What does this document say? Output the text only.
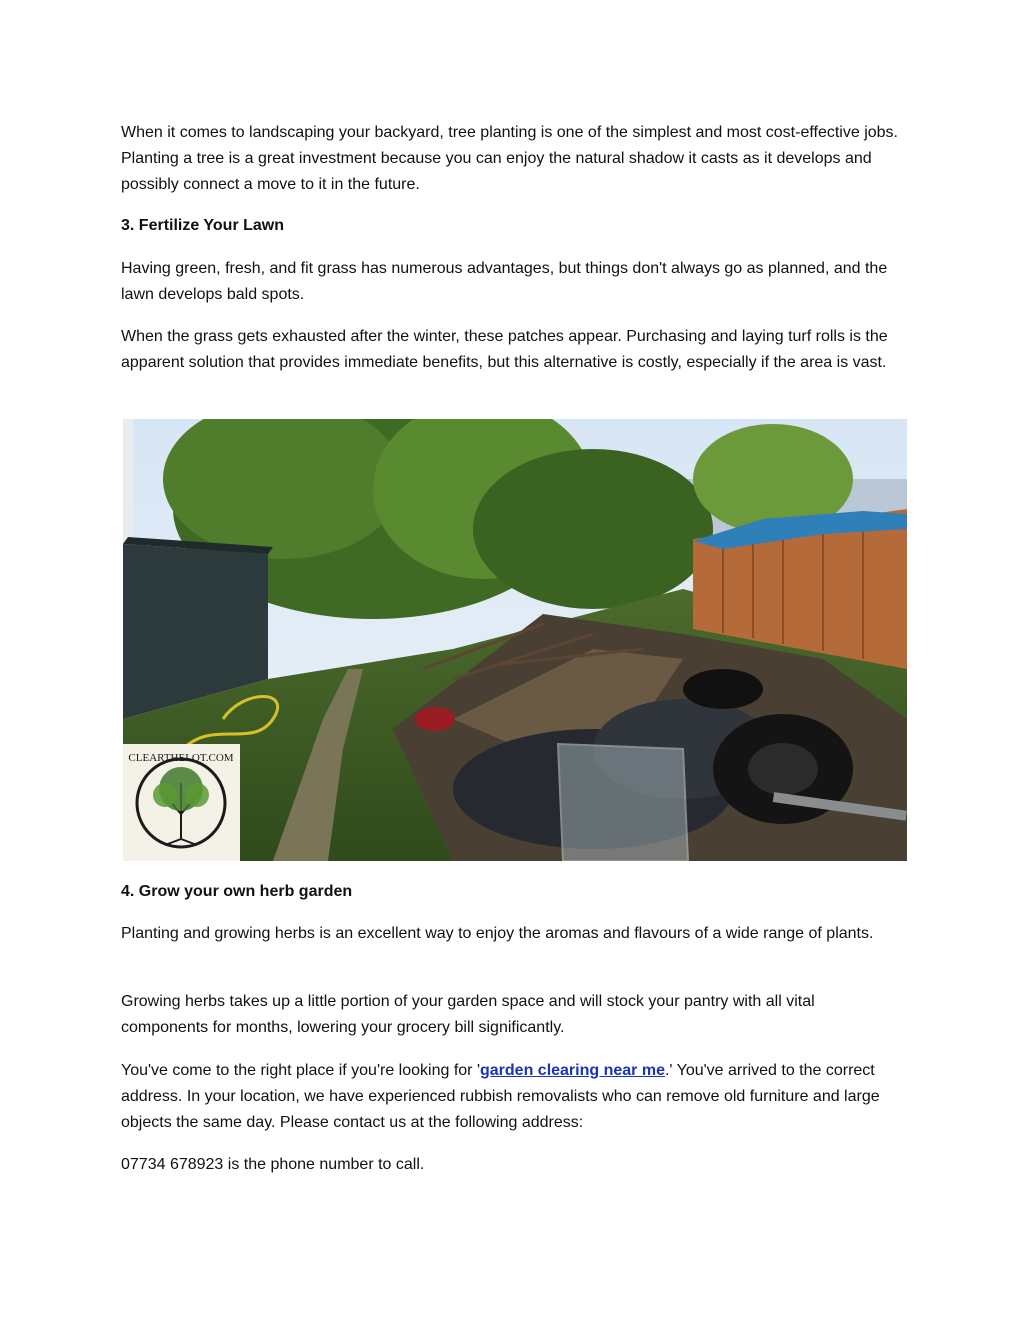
When it comes to landscaping your backyard, tree planting is one of the simplest and most cost-effective jobs. Planting a tree is a great investment because you can enjoy the natural shadow it casts as it develops and possibly connect a move to it in the future.

3. Fertilize Your Lawn

Having green, fresh, and fit grass has numerous advantages, but things don't always go as planned, and the lawn develops bald spots.

When the grass gets exhausted after the winter, these patches appear. Purchasing and laying turf rolls is the apparent solution that provides immediate benefits, but this alternative is costly, especially if the area is vast.

CLEARTHELOT.COM

4. Grow your own herb garden

Planting and growing herbs is an excellent way to enjoy the aromas and flavours of a wide range of plants.

Growing herbs takes up a little portion of your garden space and will stock your pantry with all vital components for months, lowering your grocery bill significantly.

You've come to the right place if you're looking for 'garden clearing near me.' You've arrived to the correct address. In your location, we have experienced rubbish removalists who can remove old furniture and large objects the same day. Please contact us at the following address:

07734 678923 is the phone number to call.
